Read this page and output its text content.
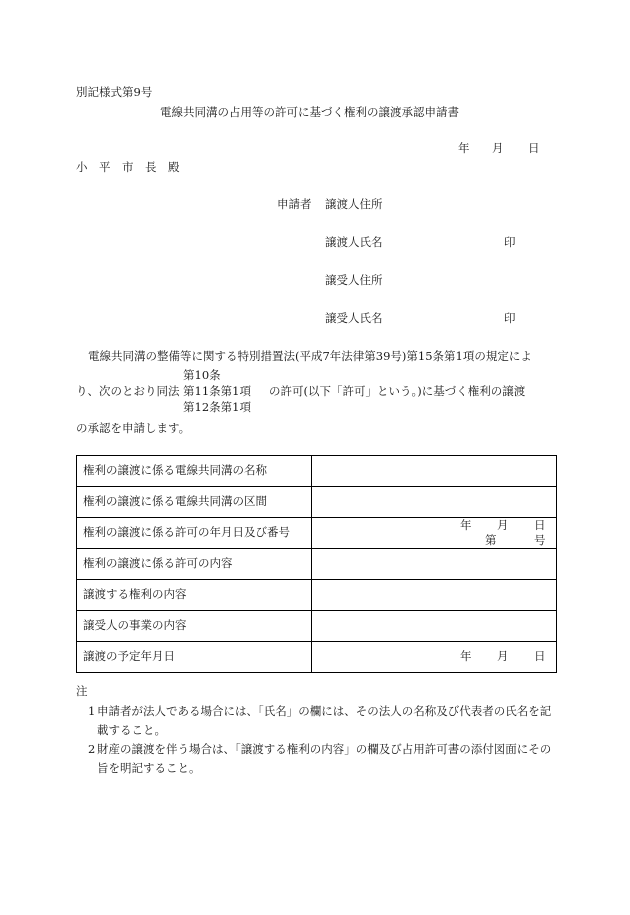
別記様式第9号
電線共同溝の占用等の許可に基づく権利の譲渡承認申請書
年 月 日
小　平　市　長　殿
申請者 譲渡人住所
譲渡人氏名	印
譲受人住所
譲受人氏名	印
電線共同溝の整備等に関する特別措置法(平成7年法律第39号)第15条第1項の規定によ
第10条
り、次のとおり同法 第11条第1項 の許可(以下「許可」という。)に基づく権利の譲渡
第12条第1項
の承認を申請します。
権利の譲渡に係る電線共同溝の名称	
権利の譲渡に係る電線共同溝の区間	
権利の譲渡に係る許可の年月日及び番号	年 月 日
第 号

権利の譲渡に係る許可の内容	
譲渡する権利の内容	
譲受人の事業の内容	
譲渡の予定年月日	年 月 日
注
1 申請者が法人である場合には、「氏名」の欄には、その法人の名称及び代表者の氏名を記載すること。
2 財産の譲渡を伴う場合は、「譲渡する権利の内容」の欄及び占用許可書の添付図面にその旨を明記すること。
